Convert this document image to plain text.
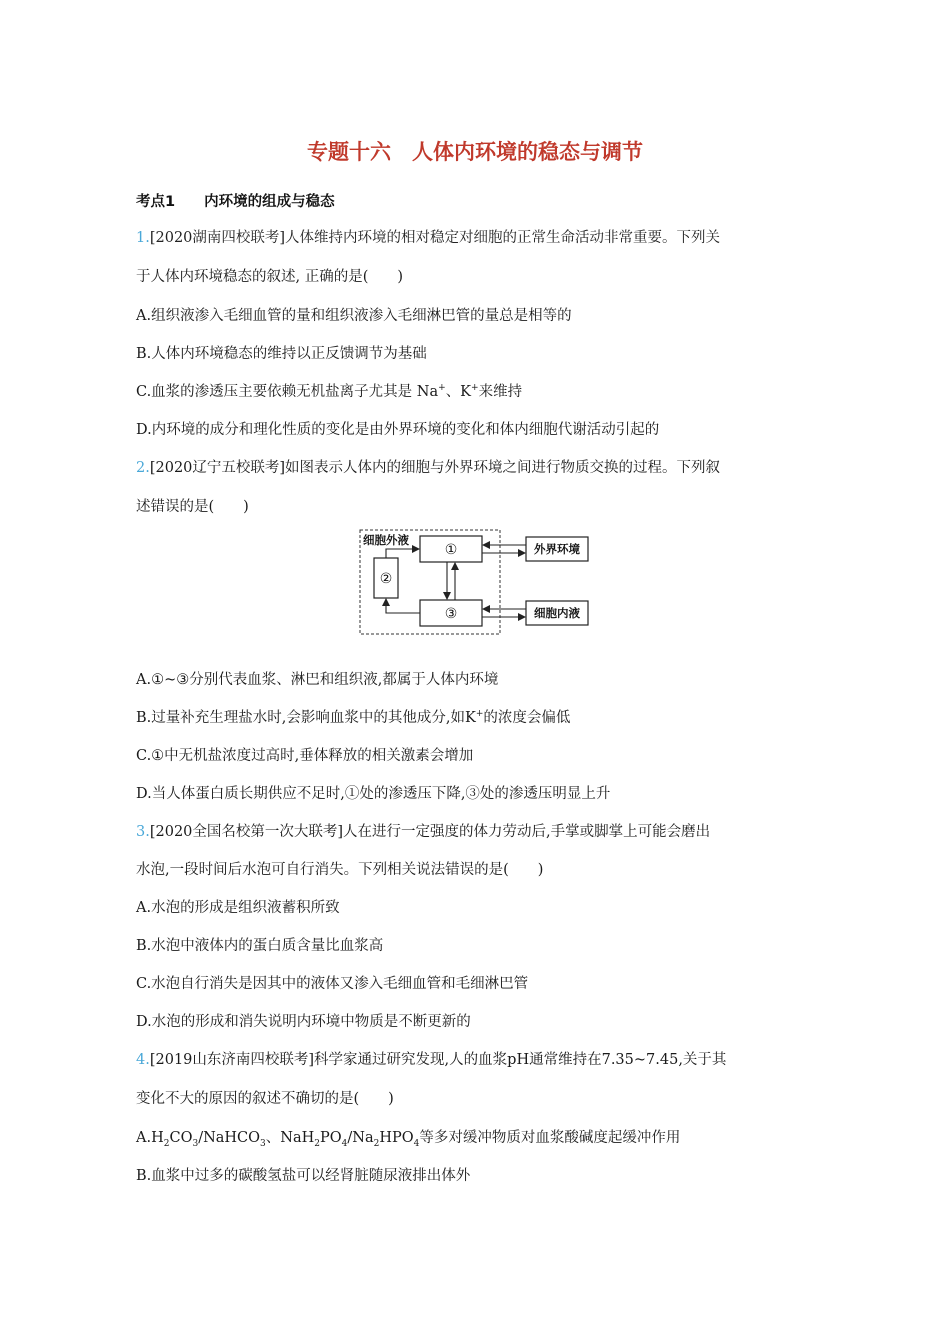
专题十六　人体内环境的稳态与调节
考点1　　内环境的组成与稳态
1.[2020湖南四校联考]人体维持内环境的相对稳定对细胞的正常生命活动非常重要。下列关
于人体内环境稳态的叙述, 正确的是(　　)
A.组织液渗入毛细血管的量和组织液渗入毛细淋巴管的量总是相等的
B.人体内环境稳态的维持以正反馈调节为基础
C.血浆的渗透压主要依赖无机盐离子尤其是 Na+、K+来维持
D.内环境的成分和理化性质的变化是由外界环境的变化和体内细胞代谢活动引起的
2.[2020辽宁五校联考]如图表示人体内的细胞与外界环境之间进行物质交换的过程。下列叙
述错误的是(　　)
细胞外液
①
②
③
外界环境
细胞内液
A.①~③分别代表血浆、淋巴和组织液,都属于人体内环境
B.过量补充生理盐水时,会影响血浆中的其他成分,如K+的浓度会偏低
C.①中无机盐浓度过高时,垂体释放的相关激素会增加
D.当人体蛋白质长期供应不足时,①处的渗透压下降,③处的渗透压明显上升
3.[2020全国名校第一次大联考]人在进行一定强度的体力劳动后,手掌或脚掌上可能会磨出
水泡,一段时间后水泡可自行消失。下列相关说法错误的是(　　)
A.水泡的形成是组织液蓄积所致
B.水泡中液体内的蛋白质含量比血浆高
C.水泡自行消失是因其中的液体又渗入毛细血管和毛细淋巴管
D.水泡的形成和消失说明内环境中物质是不断更新的
4.[2019山东济南四校联考]科学家通过研究发现,人的血浆pH通常维持在7.35~7.45,关于其
变化不大的原因的叙述不确切的是(　　)
$A.H_2CO_3/NaHCO_3$、$NaH_2PO_4/Na_2HPO_4$等多对缓冲物质对血浆酸碱度起缓冲作用
B.血浆中过多的碳酸氢盐可以经肾脏随尿液排出体外
